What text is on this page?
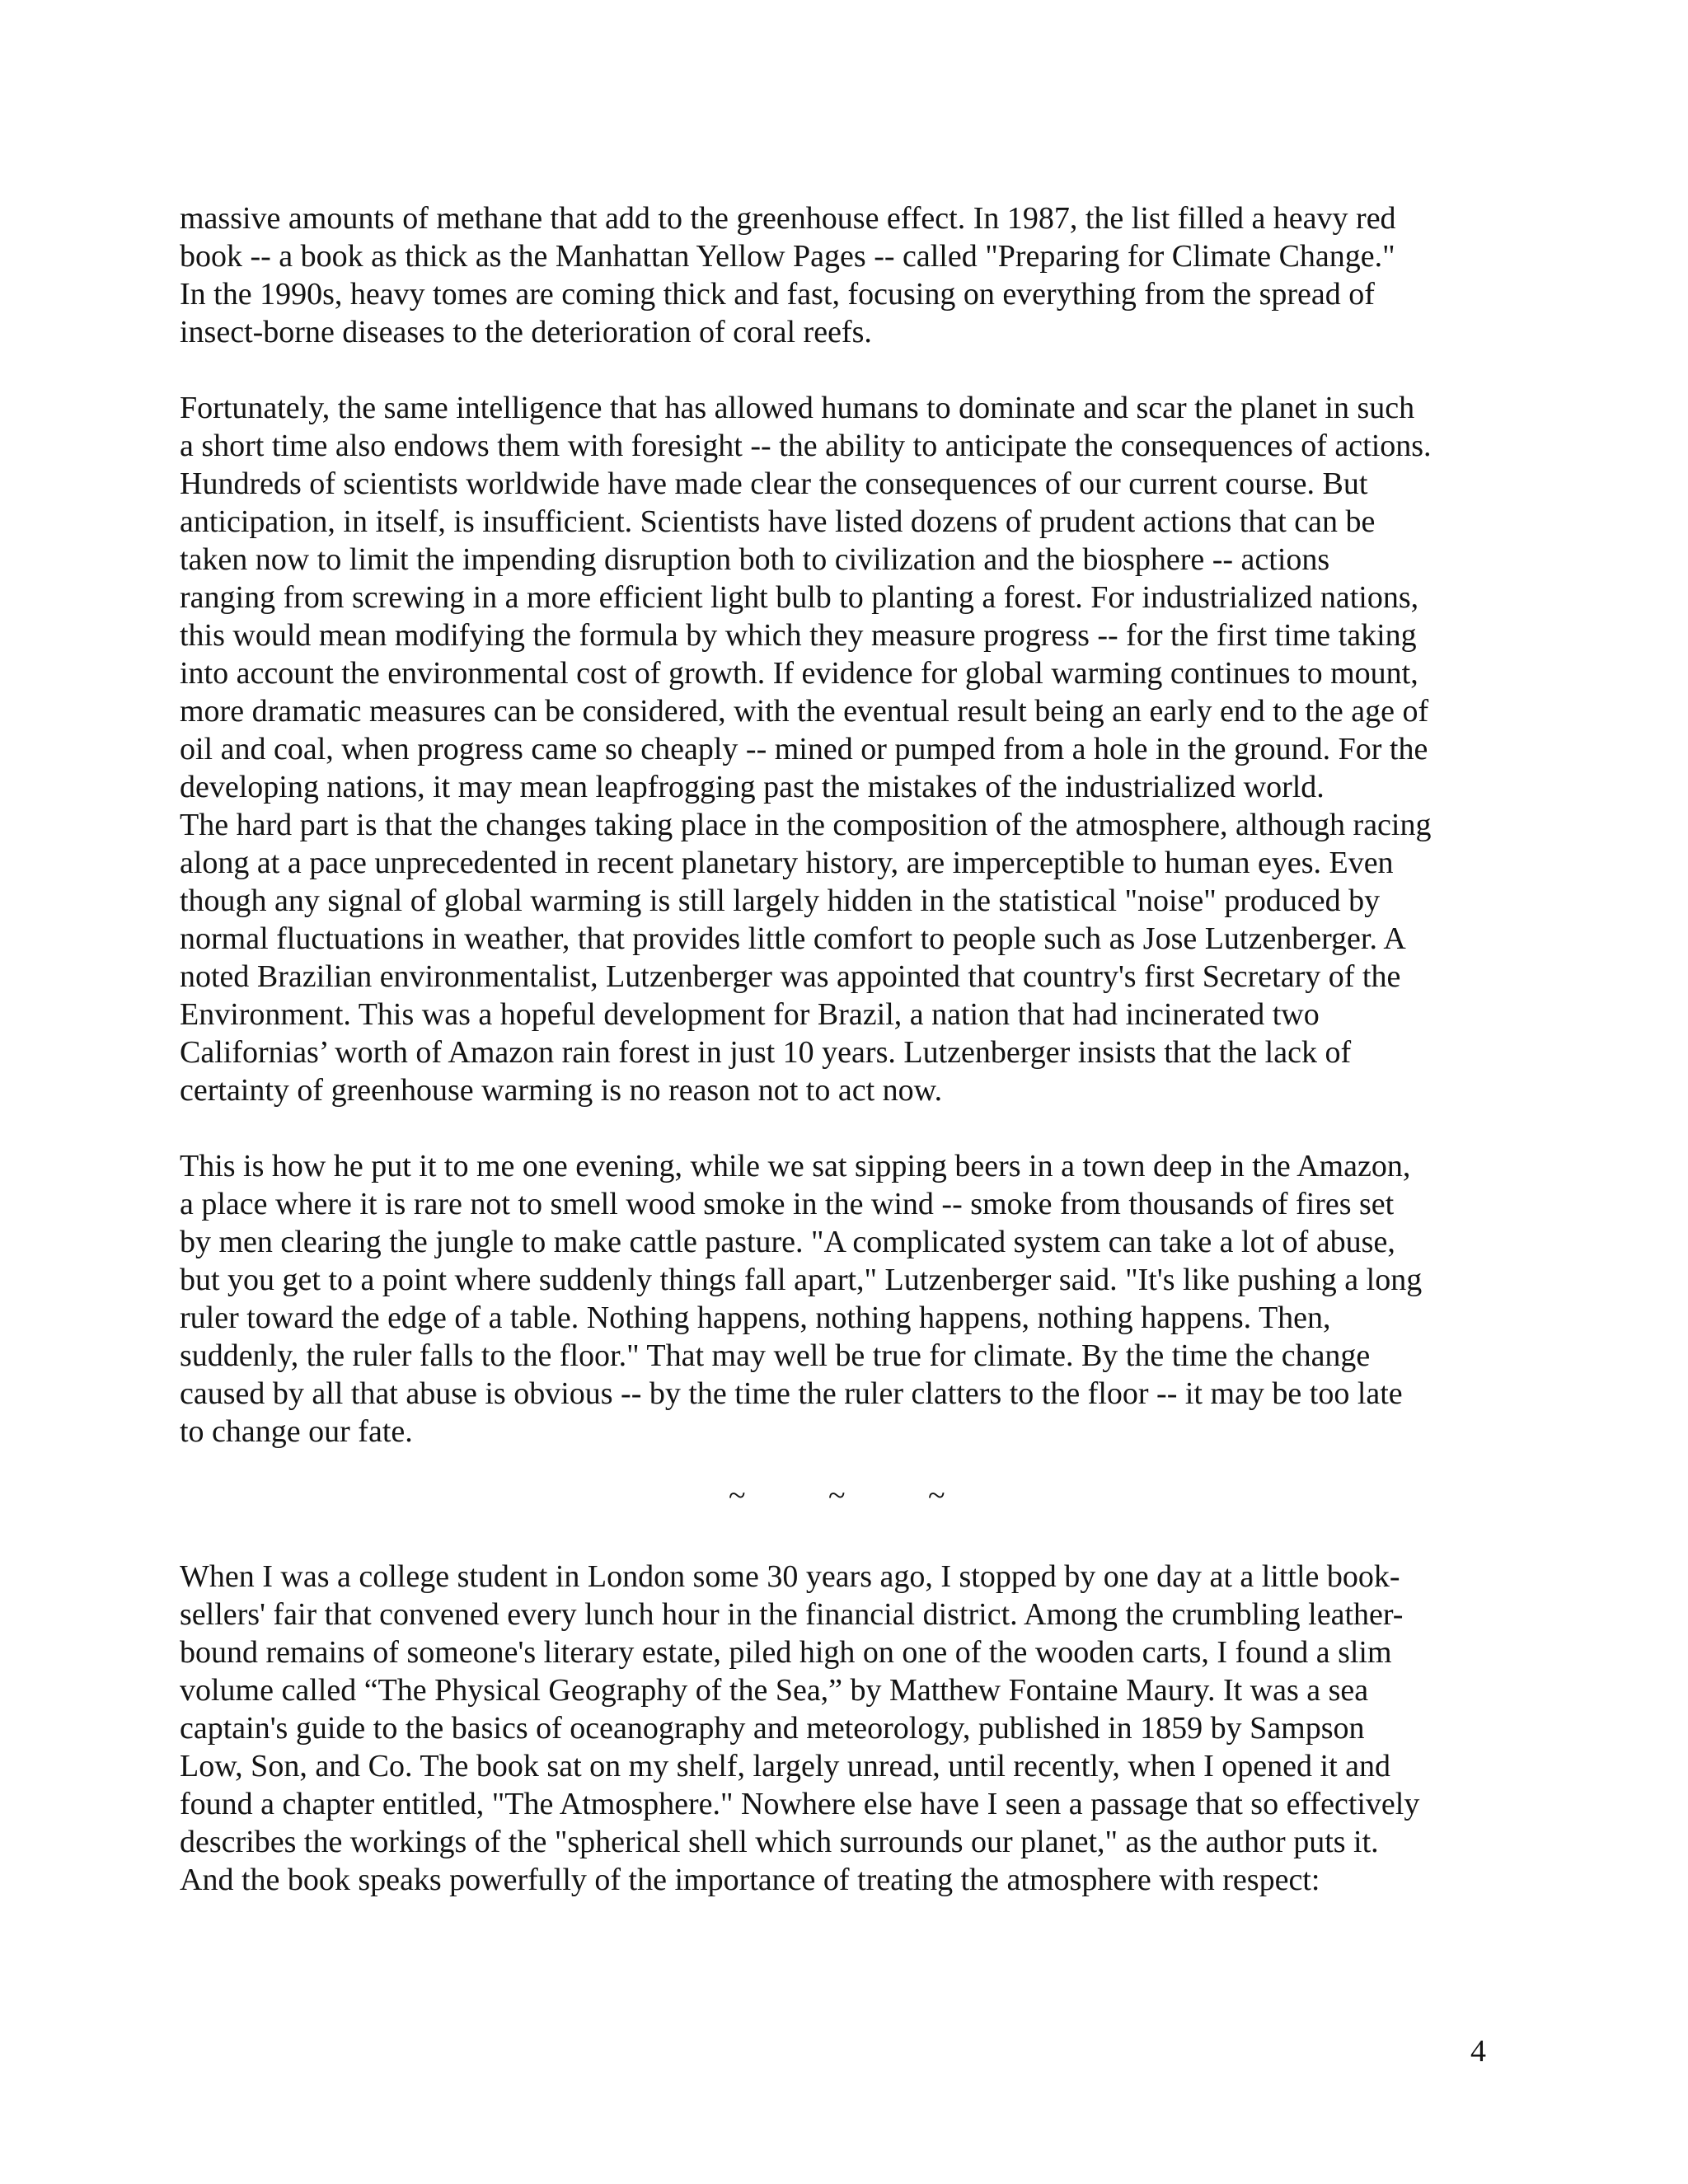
massive amounts of methane that add to the greenhouse effect. In 1987, the list filled a heavy red

book -- a book as thick as the Manhattan Yellow Pages -- called "Preparing for Climate Change."

In the 1990s, heavy tomes are coming thick and fast, focusing on everything from the spread of

insect-borne diseases to the deterioration of coral reefs.

Fortunately, the same intelligence that has allowed humans to dominate and scar the planet in such

a short time also endows them with foresight -- the ability to anticipate the consequences of actions.

Hundreds of scientists worldwide have made clear the consequences of our current course. But

anticipation, in itself, is insufficient. Scientists have listed dozens of prudent actions that can be

taken now to limit the impending disruption both to civilization and the biosphere -- actions

ranging from screwing in a more efficient light bulb to planting a forest. For industrialized nations,

this would mean modifying the formula by which they measure progress -- for the first time taking

into account the environmental cost of growth. If evidence for global warming continues to mount,

more dramatic measures can be considered, with the eventual result being an early end to the age of

oil and coal, when progress came so cheaply -- mined or pumped from a hole in the ground. For the

developing nations, it may mean leapfrogging past the mistakes of the industrialized world.

The hard part is that the changes taking place in the composition of the atmosphere, although racing

along at a pace unprecedented in recent planetary history, are imperceptible to human eyes. Even

though any signal of global warming is still largely hidden in the statistical "noise" produced by

normal fluctuations in weather, that provides little comfort to people such as Jose Lutzenberger. A

noted Brazilian environmentalist, Lutzenberger was appointed that country's first Secretary of the

Environment. This was a hopeful development for Brazil, a nation that had incinerated two

Californias’ worth of Amazon rain forest in just 10 years. Lutzenberger insists that the lack of

certainty of greenhouse warming is no reason not to act now.

This is how he put it to me one evening, while we sat sipping beers in a town deep in the Amazon,

a place where it is rare not to smell wood smoke in the wind -- smoke from thousands of fires set

by men clearing the jungle to make cattle pasture. "A complicated system can take a lot of abuse,

but you get to a point where suddenly things fall apart," Lutzenberger said. "It's like pushing a long

ruler toward the edge of a table. Nothing happens, nothing happens, nothing happens. Then,

suddenly, the ruler falls to the floor." That may well be true for climate. By the time the change

caused by all that abuse is obvious -- by the time the ruler clatters to the floor -- it may be too late

to change our fate.

~	~	~

When I was a college student in London some 30 years ago, I stopped by one day at a little book-

sellers' fair that convened every lunch hour in the financial district. Among the crumbling leather-

bound remains of someone's literary estate, piled high on one of the wooden carts, I found a slim

volume called “The Physical Geography of the Sea,” by Matthew Fontaine Maury. It was a sea

captain's guide to the basics of oceanography and meteorology, published in 1859 by Sampson

Low, Son, and Co. The book sat on my shelf, largely unread, until recently, when I opened it and

found a chapter entitled, "The Atmosphere." Nowhere else have I seen a passage that so effectively

describes the workings of the "spherical shell which surrounds our planet," as the author puts it.

And the book speaks powerfully of the importance of treating the atmosphere with respect:

4
